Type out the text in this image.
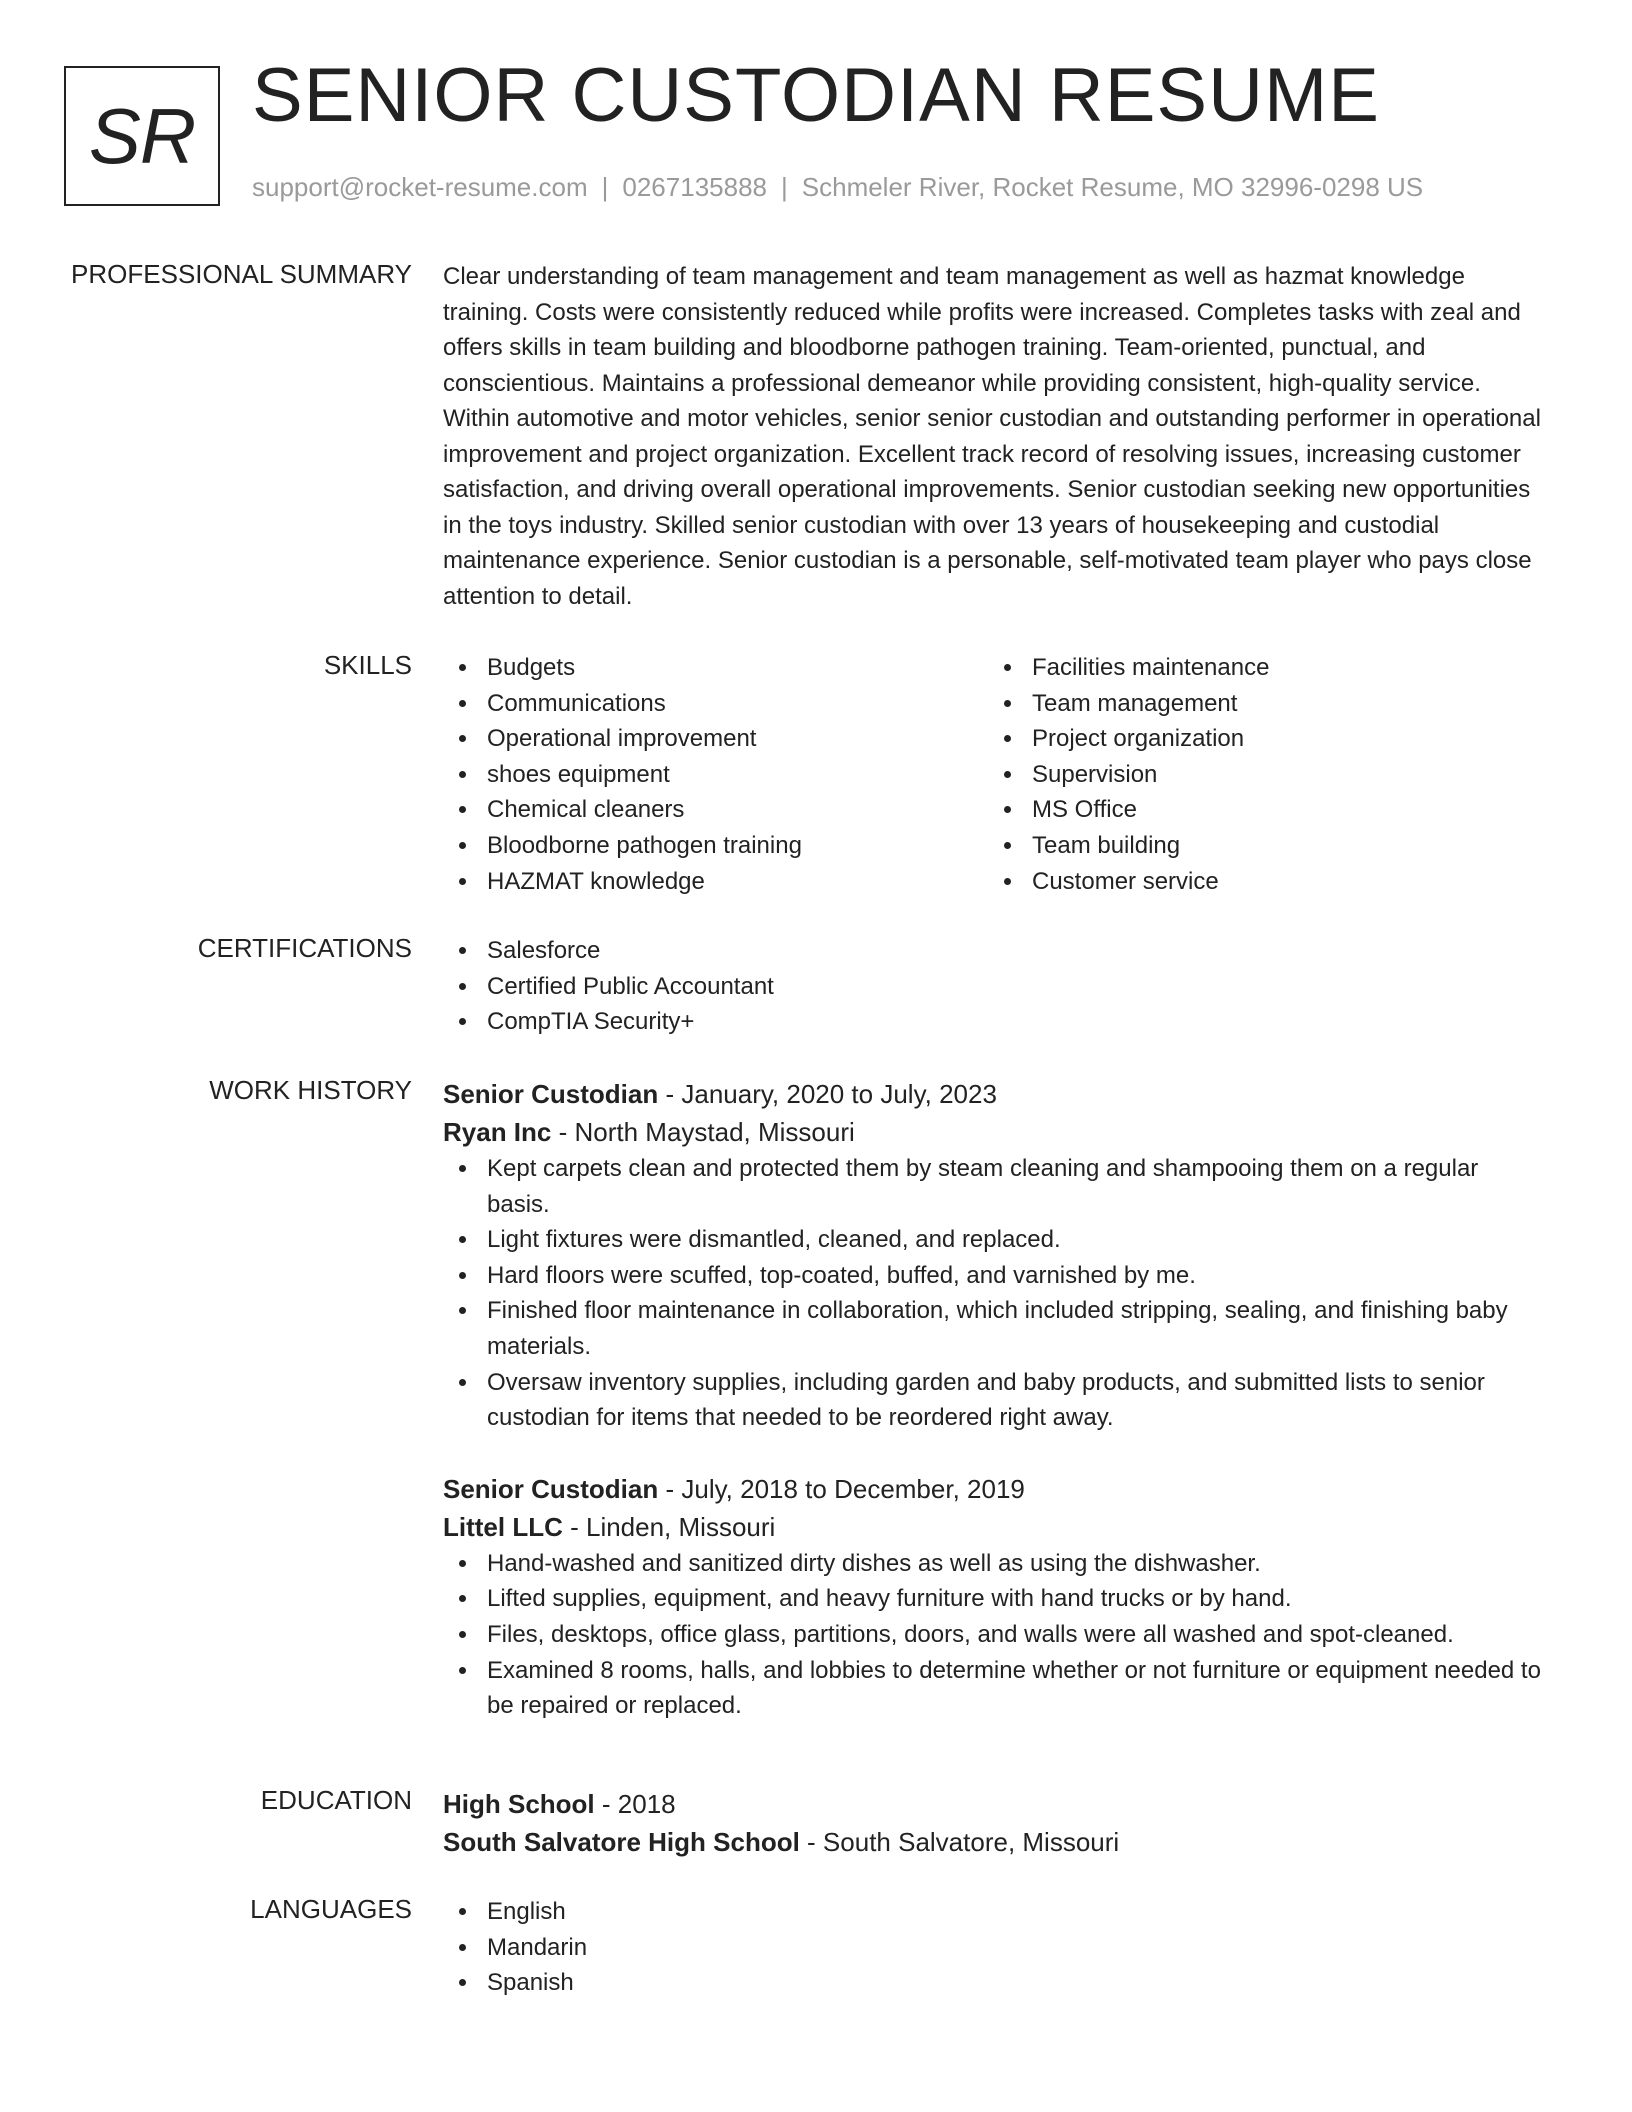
SR SENIOR CUSTODIAN RESUME
support@rocket-resume.com | 0267135888 | Schmeler River, Rocket Resume, MO 32996-0298 US
PROFESSIONAL SUMMARY Clear understanding of team management and team management as well as hazmat knowledge training. Costs were consistently reduced while profits were increased. Completes tasks with zeal and offers skills in team building and bloodborne pathogen training. Team-oriented, punctual, and conscientious. Maintains a professional demeanor while providing consistent, high-quality service. Within automotive and motor vehicles, senior senior custodian and outstanding performer in operational improvement and project organization. Excellent track record of resolving issues, increasing customer satisfaction, and driving overall operational improvements. Senior custodian seeking new opportunities in the toys industry. Skilled senior custodian with over 13 years of housekeeping and custodial maintenance experience. Senior custodian is a personable, self-motivated team player who pays close attention to detail.
SKILLS	Budgets
Communications
Operational improvement
shoes equipment
Chemical cleaners
Bloodborne pathogen training
HAZMAT knowledge
Facilities maintenance
Team management
Project organization
Supervision
MS Office
Team building
Customer service
CERTIFICATIONS	Salesforce
Certified Public Accountant
CompTIA Security+
WORK HISTORY Senior Custodian - January, 2020 to July, 2023
Ryan Inc - North Maystad, Missouri
Kept carpets clean and protected them by steam cleaning and shampooing them on a regular basis.
Light fixtures were dismantled, cleaned, and replaced.
Hard floors were scuffed, top-coated, buffed, and varnished by me.
Finished floor maintenance in collaboration, which included stripping, sealing, and finishing baby materials.
Oversaw inventory supplies, including garden and baby products, and submitted lists to senior custodian for items that needed to be reordered right away.
Senior Custodian - July, 2018 to December, 2019
Littel LLC - Linden, Missouri
Hand-washed and sanitized dirty dishes as well as using the dishwasher.
Lifted supplies, equipment, and heavy furniture with hand trucks or by hand.
Files, desktops, office glass, partitions, doors, and walls were all washed and spot-cleaned.
Examined 8 rooms, halls, and lobbies to determine whether or not furniture or equipment needed to be repaired or replaced.
EDUCATION High School - 2018
South Salvatore High School - South Salvatore, Missouri
LANGUAGES	English
Mandarin
Spanish
